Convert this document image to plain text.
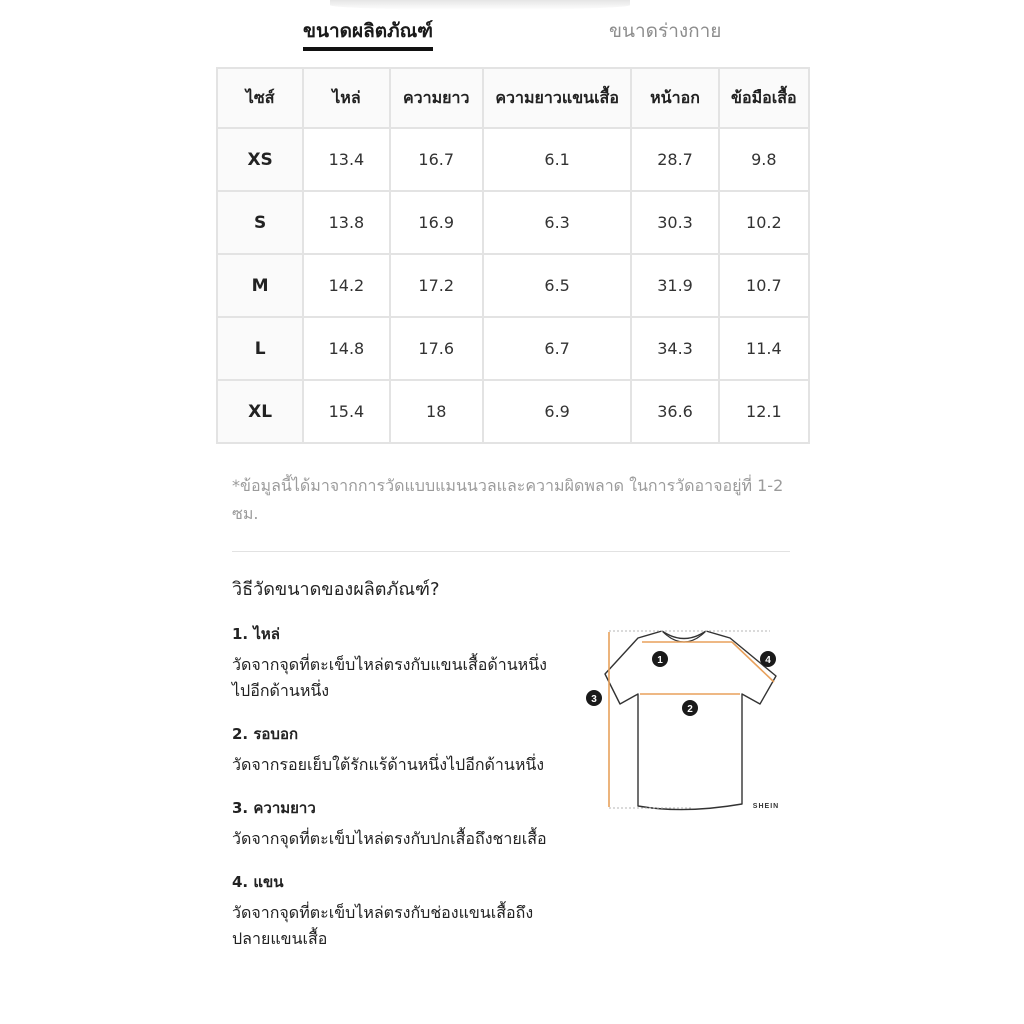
ขนาดผลิตภัณฑ์	ขนาดร่างกาย
ไซส์	ไหล่	ความยาว	ความยาวแขนเสื้อ	หน้าอก	ข้อมือเสื้อ
XS	13.4	16.7	6.1	28.7	9.8
S	13.8	16.9	6.3	30.3	10.2
M	14.2	17.2	6.5	31.9	10.7
L	14.8	17.6	6.7	34.3	11.4
XL	15.4	18	6.9	36.6	12.1
*ข้อมูลนี้ได้มาจากการวัดแบบแมนนวลและความผิดพลาด ในการวัดอาจอยู่ที่ 1-2 ซม.
วิธีวัดขนาดของผลิตภัณฑ์?
1. ไหล่
วัดจากจุดที่ตะเข็บไหล่ตรงกับแขนเสื้อด้านหนึ่งไปอีกด้านหนึ่ง
2. รอบอก
วัดจากรอยเย็บใต้รักแร้ด้านหนึ่งไปอีกด้านหนึ่ง
3. ความยาว
วัดจากจุดที่ตะเข็บไหล่ตรงกับปกเสื้อถึงชายเสื้อ
4. แขน
วัดจากจุดที่ตะเข็บไหล่ตรงกับช่องแขนเสื้อถึงปลายแขนเสื้อ
1
2
3
4
SHEIN
